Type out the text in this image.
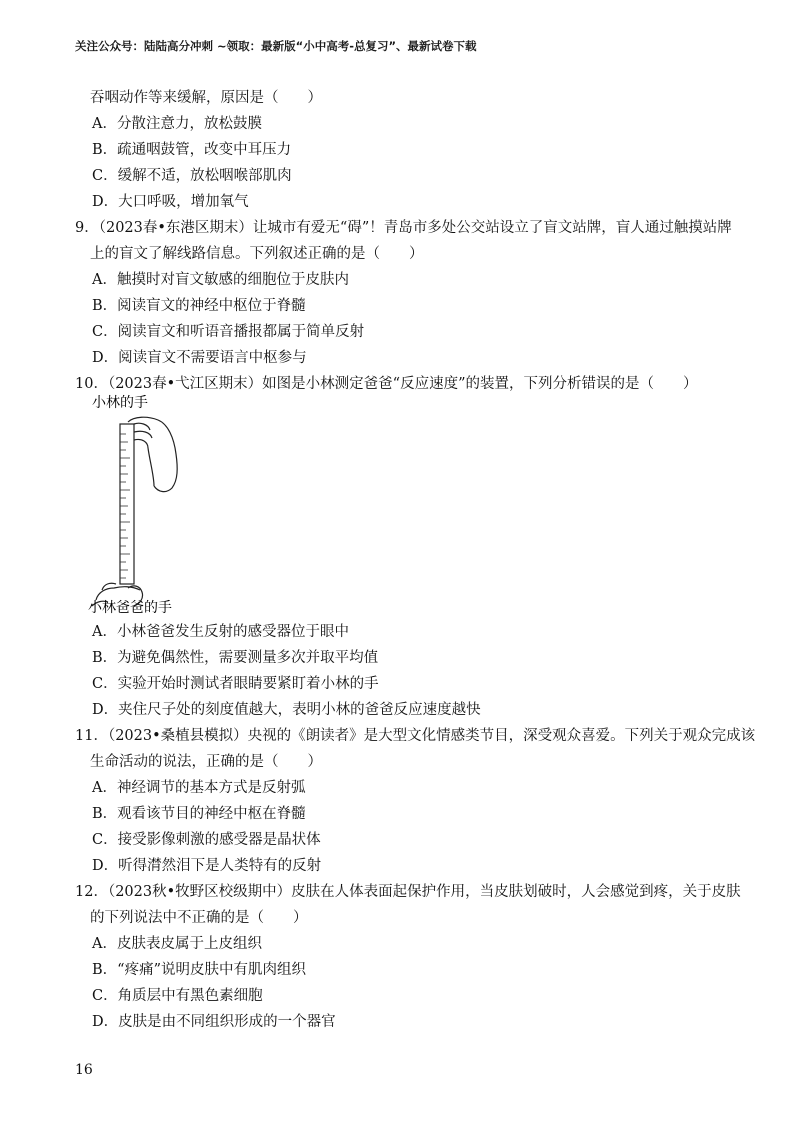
关注公众号：陆陆高分冲刺 ~领取：最新版“小中高考-总复习”、最新试卷下载
吞咽动作等来缓解，原因是（　　）
A．分散注意力，放松鼓膜
B．疏通咽鼓管，改变中耳压力
C．缓解不适，放松咽喉部肌肉
D．大口呼吸，增加氧气
9．（2023春•东港区期末）让城市有爱无“碍”！青岛市多处公交站设立了盲文站牌，盲人通过触摸站牌
上的盲文了解线路信息。下列叙述正确的是（　　）
A．触摸时对盲文敏感的细胞位于皮肤内
B．阅读盲文的神经中枢位于脊髓
C．阅读盲文和听语音播报都属于简单反射
D．阅读盲文不需要语言中枢参与
10．（2023春•弋江区期末）如图是小林测定爸爸“反应速度”的装置，下列分析错误的是（　　）
小林的手
小林爸爸的手
A．小林爸爸发生反射的感受器位于眼中
B．为避免偶然性，需要测量多次并取平均值
C．实验开始时测试者眼睛要紧盯着小林的手
D．夹住尺子处的刻度值越大，表明小林的爸爸反应速度越快
11．（2023•桑植县模拟）央视的《朗读者》是大型文化情感类节目，深受观众喜爱。下列关于观众完成该
生命活动的说法，正确的是（　　）
A．神经调节的基本方式是反射弧
B．观看该节目的神经中枢在脊髓
C．接受影像刺激的感受器是晶状体
D．听得潸然泪下是人类特有的反射
12．（2023秋•牧野区校级期中）皮肤在人体表面起保护作用，当皮肤划破时，人会感觉到疼，关于皮肤
的下列说法中不正确的是（　　）
A．皮肤表皮属于上皮组织
B．“疼痛”说明皮肤中有肌肉组织
C．角质层中有黑色素细胞
D．皮肤是由不同组织形成的一个器官
16
